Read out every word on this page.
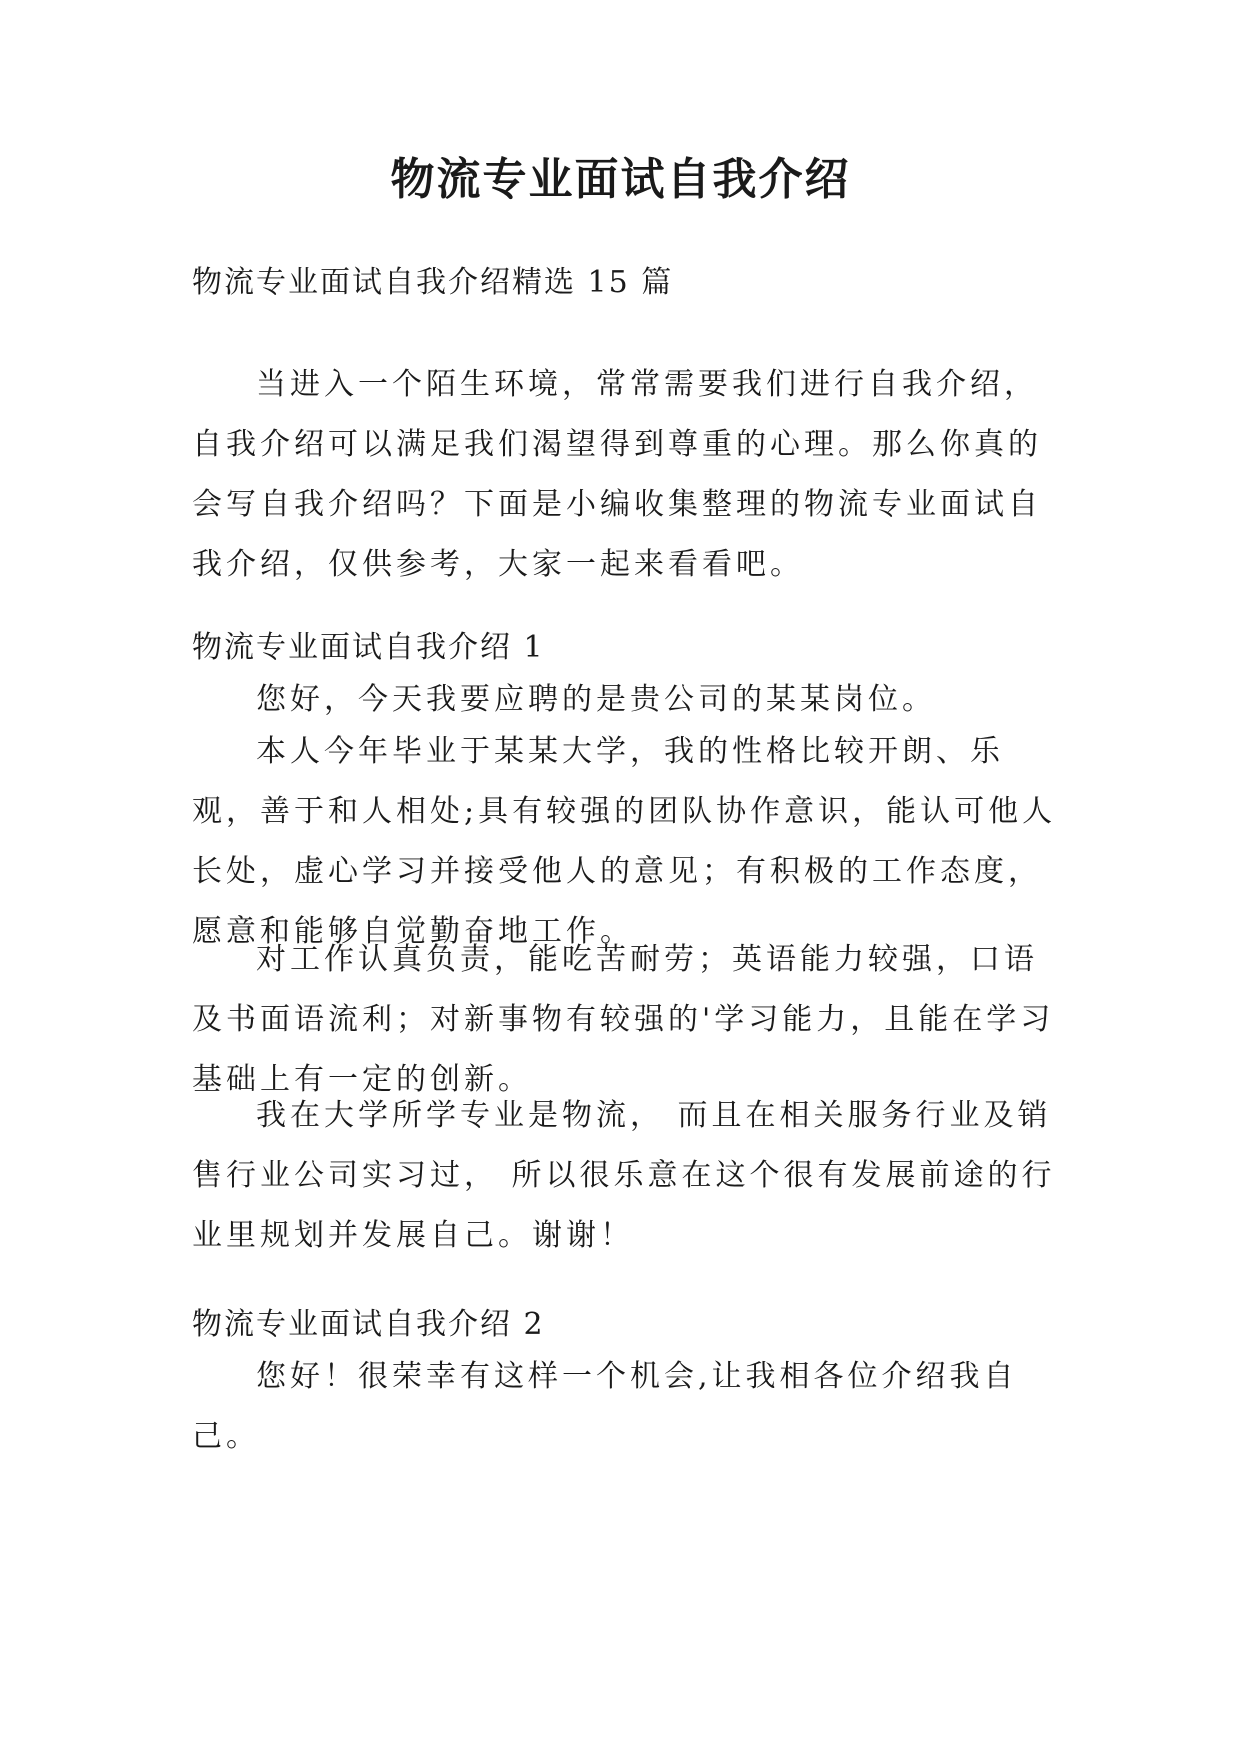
物流专业面试自我介绍

物流专业面试自我介绍精选 15 篇

当进入一个陌生环境，常常需要我们进行自我介绍，自我介绍可以满足我们渴望得到尊重的心理。那么你真的会写自我介绍吗？下面是小编收集整理的物流专业面试自我介绍，仅供参考，大家一起来看看吧。

物流专业面试自我介绍 1

您好，今天我要应聘的是贵公司的某某岗位。

本人今年毕业于某某大学，我的性格比较开朗、乐观，善于和人相处;具有较强的团队协作意识，能认可他人长处，虚心学习并接受他人的意见；有积极的工作态度，愿意和能够自觉勤奋地工作。

对工作认真负责，能吃苦耐劳；英语能力较强，口语及书面语流利；对新事物有较强的'学习能力，且能在学习基础上有一定的创新。

我在大学所学专业是物流， 而且在相关服务行业及销售行业公司实习过， 所以很乐意在这个很有发展前途的行业里规划并发展自己。谢谢！

物流专业面试自我介绍 2

您好！很荣幸有这样一个机会,让我相各位介绍我自己。
